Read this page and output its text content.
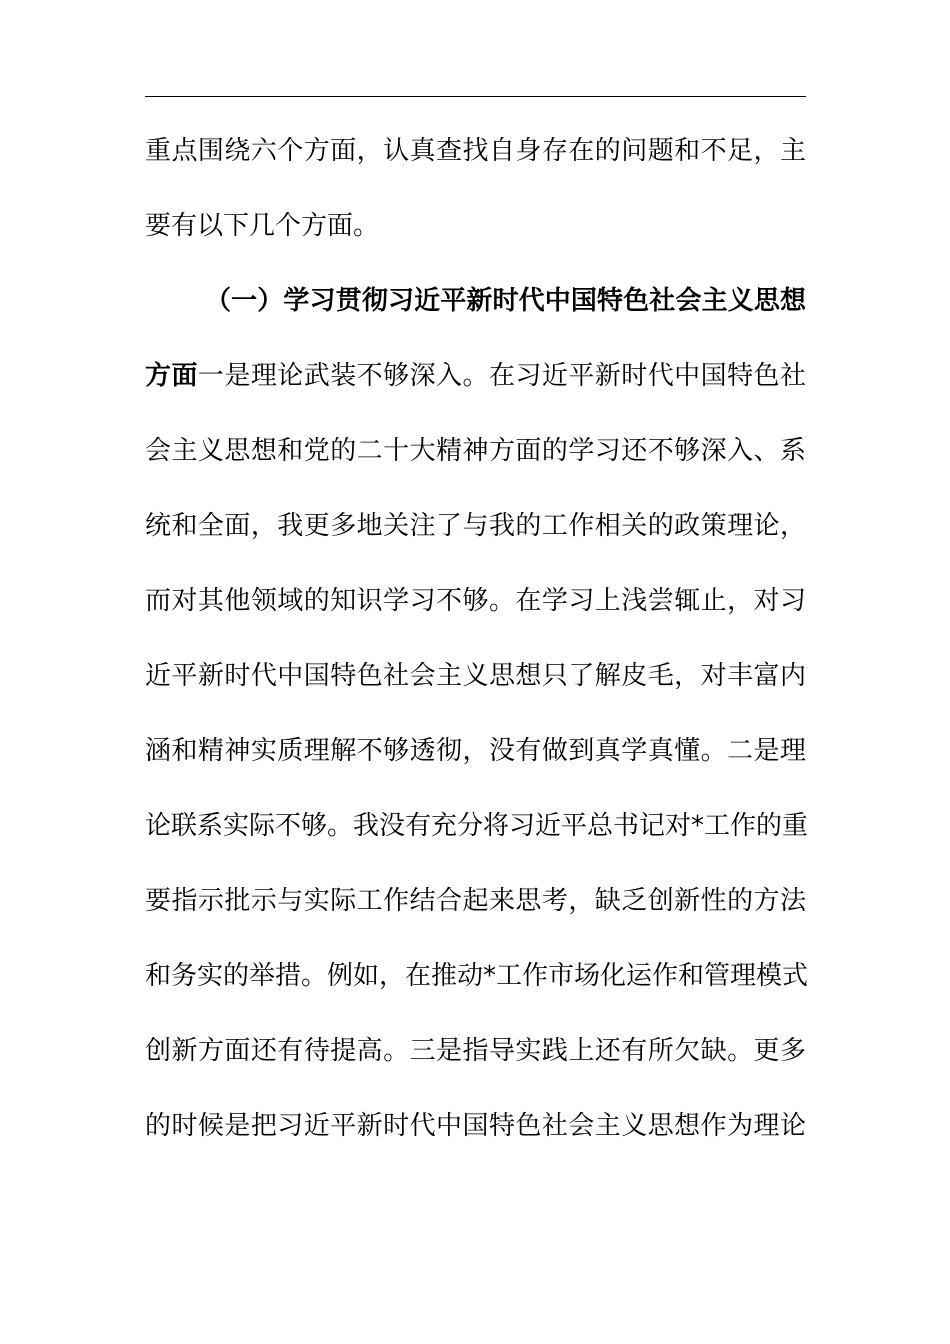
重点围绕六个方面，认真查找自身存在的问题和不足，主
要有以下几个方面。
（一）学习贯彻习近平新时代中国特色社会主义思想
方面一是理论武装不够深入。在习近平新时代中国特色社
会主义思想和党的二十大精神方面的学习还不够深入、系
统和全面，我更多地关注了与我的工作相关的政策理论，
而对其他领域的知识学习不够。在学习上浅尝辄止，对习
近平新时代中国特色社会主义思想只了解皮毛，对丰富内
涵和精神实质理解不够透彻，没有做到真学真懂。二是理
论联系实际不够。我没有充分将习近平总书记对*工作的重
要指示批示与实际工作结合起来思考，缺乏创新性的方法
和务实的举措。例如，在推动*工作市场化运作和管理模式
创新方面还有待提高。三是指导实践上还有所欠缺。更多
的时候是把习近平新时代中国特色社会主义思想作为理论
